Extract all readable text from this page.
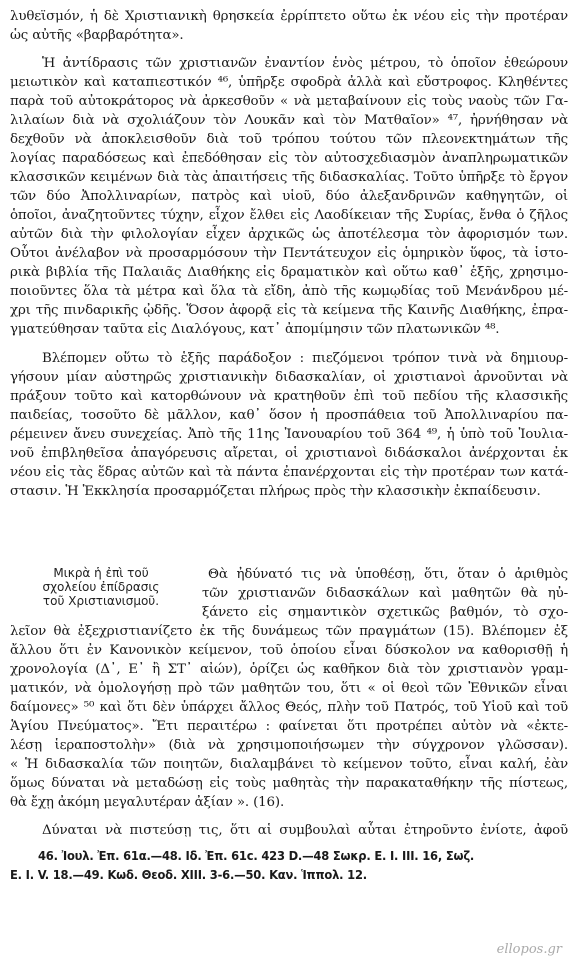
λυθεϊσμόν, ἡ δὲ Χριστιανικὴ θρησκεία ἐρρίπτετο οὕτω ἐκ νέου εἰς τὴν προτέραν
ὡς αὐτῆς «βαρβαρότητα».
Ἡ ἀντίδρασις τῶν χριστιανῶν ἐναντίον ἑνὸς μέτρου, τὸ ὁποῖον ἐθεώρουν
μειωτικὸν καὶ καταπιεστικόν ⁴⁶, ὑπῆρξε σφοδρὰ ἀλλὰ καὶ εὔστροφος. Κληθέντες
παρὰ τοῦ αὐτοκράτορος νὰ ἀρκεσθοῦν « νὰ μεταβαίνουν εἰς τοὺς ναοὺς τῶν Γα-
λιλαίων διὰ νὰ σχολιάζουν τὸν Λουκᾶν καὶ τὸν Ματθαῖον» ⁴⁷, ἠρνήθησαν νὰ
δεχθοῦν νὰ ἀποκλεισθοῦν διὰ τοῦ τρόπου τούτου τῶν πλεονεκτημάτων τῆς
λογίας παραδόσεως καὶ ἐπεδόθησαν εἰς τὸν αὐτοσχεδιασμὸν ἀναπληρωματικῶν
κλασσικῶν κειμένων διὰ τὰς ἀπαιτήσεις τῆς διδασκαλίας. Τοῦτο ὑπῆρξε τὸ ἔργον
τῶν δύο Ἀπολλιναρίων, πατρὸς καὶ υἱοῦ, δύο ἀλεξανδρινῶν καθηγητῶν, οἱ
ὁποῖοι, ἀναζητοῦντες τύχην, εἶχον ἔλθει εἰς Λαοδίκειαν τῆς Συρίας, ἔνθα ὁ ζῆλος
αὐτῶν διὰ τὴν φιλολογίαν εἶχεν ἀρχικῶς ὡς ἀποτέλεσμα τὸν ἀφορισμόν των.
Οὗτοι ἀνέλαβον νὰ προσαρμόσουν τὴν Πεντάτευχον εἰς ὁμηρικὸν ὕφος, τὰ ἱστο-
ρικὰ βιβλία τῆς Παλαιᾶς Διαθήκης εἰς δραματικὸν καὶ οὕτω καθ᾽ ἑξῆς, χρησιμο-
ποιοῦντες ὅλα τὰ μέτρα καὶ ὅλα τὰ εἴδη, ἀπὸ τῆς κωμῳδίας τοῦ Μενάνδρου μέ-
χρι τῆς πινδαρικῆς ᾠδῆς. Ὅσον ἀφορᾷ εἰς τὰ κείμενα τῆς Καινῆς Διαθήκης, ἐπρα-
γματεύθησαν ταῦτα εἰς Διαλόγους, κατ᾽ ἀπομίμησιν τῶν πλατωνικῶν ⁴⁸.
Βλέπομεν οὕτω τὸ ἑξῆς παράδοξον : πιεζόμενοι τρόπον τινὰ νὰ δημιουρ-
γήσουν μίαν αὐστηρῶς χριστιανικὴν διδασκαλίαν, οἱ χριστιανοὶ ἀρνοῦνται νὰ
πράξουν τοῦτο καὶ κατορθώνουν νὰ κρατηθοῦν ἐπὶ τοῦ πεδίου τῆς κλασσικῆς
παιδείας, τοσοῦτο δὲ μᾶλλον, καθ᾽ ὅσον ἡ προσπάθεια τοῦ Ἀπολλιναρίου πα-
ρέμεινεν ἄνευ συνεχείας. Ἀπὸ τῆς 11ης Ἰανουαρίου τοῦ 364 ⁴⁹, ἡ ὑπὸ τοῦ Ἰουλια-
νοῦ ἐπιβληθεῖσα ἀπαγόρευσις αἴρεται, οἱ χριστιανοὶ διδάσκαλοι ἀνέρχονται ἐκ
νέου εἰς τὰς ἕδρας αὐτῶν καὶ τὰ πάντα ἐπανέρχονται εἰς τὴν προτέραν των κατά-
στασιν. Ἡ Ἐκκλησία προσαρμόζεται πλήρως πρὸς τὴν κλασσικὴν ἐκπαίδευσιν.
Μικρὰ ἡ ἐπὶ τοῦ
σχολείου ἐπίδρασις
τοῦ Χριστιανισμοῦ.
Θὰ ἠδύνατό τις νὰ ὑποθέσῃ, ὅτι, ὅταν ὁ ἀριθμὸς
τῶν χριστιανῶν διδασκάλων καὶ μαθητῶν θὰ ηὐ-
ξάνετο εἰς σημαντικὸν σχετικῶς βαθμόν, τὸ σχο-
λεῖον θὰ ἐξεχριστιανίζετο ἐκ τῆς δυνάμεως τῶν πραγμάτων (15). Βλέπομεν ἐξ
ἄλλου ὅτι ἐν Κανονικὸν κείμενον, τοῦ ὁποίου εἶναι δύσκολον να καθορισθῇ ἡ
χρονολογία (Δ᾽, Ε᾽ ἢ ΣΤ᾽ αἰών), ὁρίζει ὡς καθῆκον διὰ τὸν χριστιανὸν γραμ-
ματικόν, νὰ ὁμολογήσῃ πρὸ τῶν μαθητῶν του, ὅτι « οἱ θεοὶ τῶν Ἐθνικῶν εἶναι
δαίμονες» ⁵⁰ καὶ ὅτι δὲν ὑπάρχει ἄλλος Θεός, πλὴν τοῦ Πατρός, τοῦ Υἱοῦ καὶ τοῦ
Ἁγίου Πνεύματος». Ἔτι περαιτέρω : φαίνεται ὅτι προτρέπει αὐτὸν νὰ «ἐκτε-
λέσῃ ἱεραποστολὴν» (διὰ νὰ χρησιμοποιήσωμεν τὴν σύγχρονον γλῶσσαν).
« Ἡ διδασκαλία τῶν ποιητῶν, διαλαμβάνει τὸ κείμενον τοῦτο, εἶναι καλή, ἐὰν
ὅμως δύναται νὰ μεταδώσῃ εἰς τοὺς μαθητὰς τὴν παρακαταθήκην τῆς πίστεως,
θὰ ἔχῃ ἀκόμη μεγαλυτέραν ἀξίαν ». (16).
Δύναται νὰ πιστεύσῃ τις, ὅτι αἱ συμβουλαὶ αὗται ἐτηροῦντο ἐνίοτε, ἀφοῦ
46. Ἰουλ. Ἐπ. 61α.—48. Ιδ. Ἐπ. 61c. 423 D.—48 Σωκρ. Ε. Ι. ΙΙΙ. 16, Σωζ.
Ε. Ι. V. 18.—49. Κωδ. Θεοδ. XIII. 3-6.—50. Καν. Ἱππολ. 12.
ellopos.gr
